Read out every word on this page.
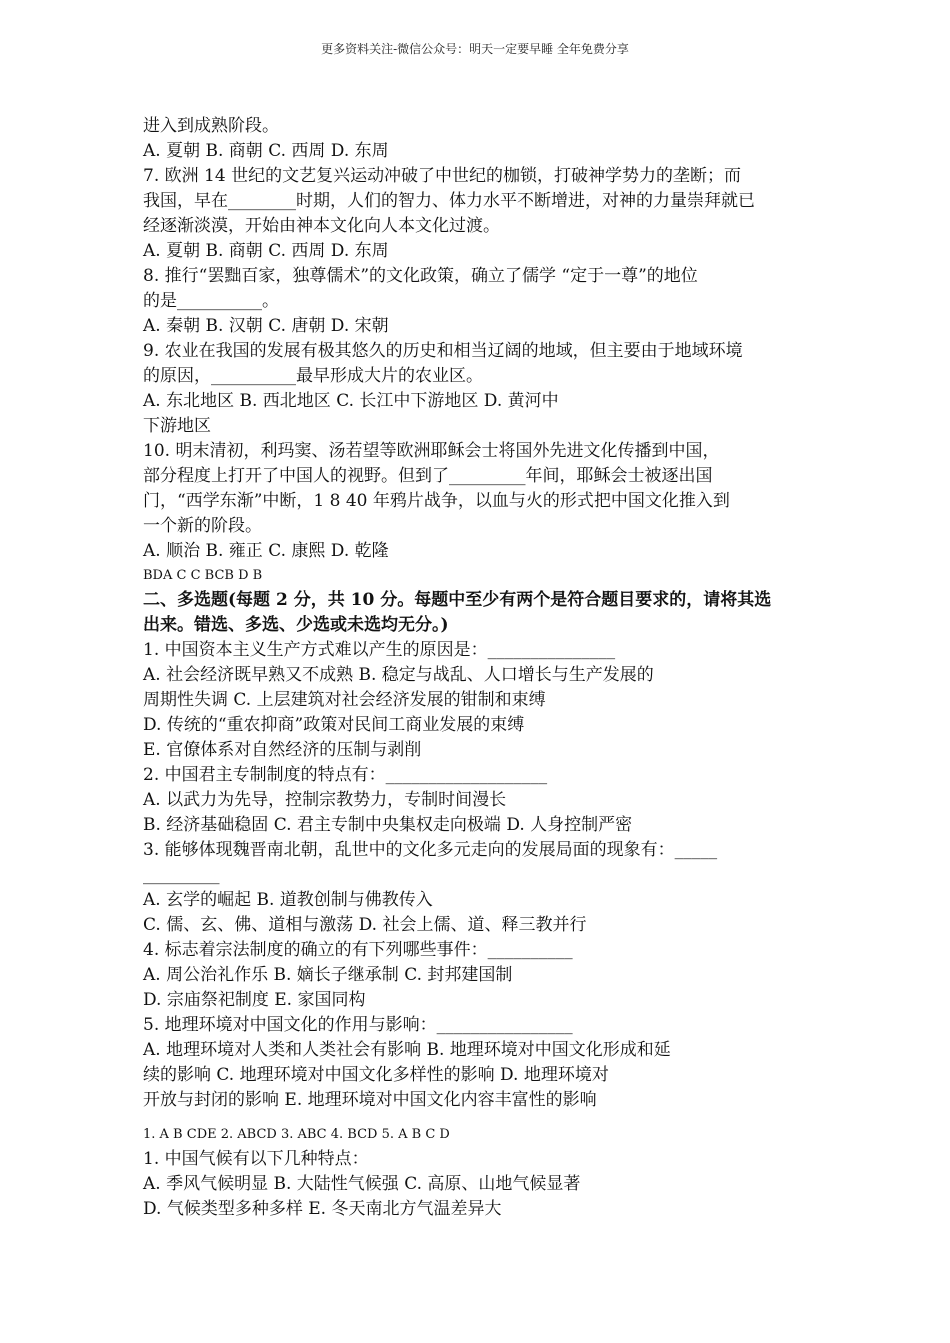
更多资料关注-微信公众号：明天一定要早睡 全年免费分享
进入到成熟阶段。
A. 夏朝 B. 商朝 C. 西周 D. 东周
7. 欧洲 14 世纪的文艺复兴运动冲破了中世纪的枷锁，打破神学势力的垄断；而
我国，早在________时期，人们的智力、体力水平不断增进，对神的力量崇拜就已
经逐渐淡漠，开始由神本文化向人本文化过渡。
A. 夏朝 B. 商朝 C. 西周 D. 东周
8. 推行“罢黜百家，独尊儒术”的文化政策，确立了儒学 “定于一尊”的地位
的是__________。
A. 秦朝 B. 汉朝 C. 唐朝 D. 宋朝
9. 农业在我国的发展有极其悠久的历史和相当辽阔的地域，但主要由于地域环境
的原因，__________最早形成大片的农业区。
A. 东北地区 B. 西北地区 C. 长江中下游地区 D. 黄河中
下游地区
10. 明末清初，利玛窦、汤若望等欧洲耶稣会士将国外先进文化传播到中国，
部分程度上打开了中国人的视野。但到了_________年间，耶稣会士被逐出国
门，“西学东渐”中断，1 8 40 年鸦片战争，以血与火的形式把中国文化推入到
一个新的阶段。
A. 顺治 B. 雍正 C. 康熙 D. 乾隆
BDA C C BCB D B
二、多选题(每题 2 分，共 10 分。每题中至少有两个是符合题目要求的，请将其选
出来。错选、多选、少选或未选均无分。)
1. 中国资本主义生产方式难以产生的原因是：_______________
A. 社会经济既早熟又不成熟 B. 稳定与战乱、人口增长与生产发展的
周期性失调 C. 上层建筑对社会经济发展的钳制和束缚
D. 传统的“重农抑商”政策对民间工商业发展的束缚
E. 官僚体系对自然经济的压制与剥削
2. 中国君主专制制度的特点有：___________________
A. 以武力为先导，控制宗教势力，专制时间漫长
B. 经济基础稳固 C. 君主专制中央集权走向极端 D. 人身控制严密
3. 能够体现魏晋南北朝，乱世中的文化多元走向的发展局面的现象有：_____
_________
A. 玄学的崛起 B. 道教创制与佛教传入
C. 儒、玄、佛、道相与激荡 D. 社会上儒、道、释三教并行
4. 标志着宗法制度的确立的有下列哪些事件：__________
A. 周公治礼作乐 B. 嫡长子继承制 C. 封邦建国制
D. 宗庙祭祀制度 E. 家国同构
5. 地理环境对中国文化的作用与影响：________________
A. 地理环境对人类和人类社会有影响 B. 地理环境对中国文化形成和延
续的影响 C. 地理环境对中国文化多样性的影响 D. 地理环境对
开放与封闭的影响 E. 地理环境对中国文化内容丰富性的影响
1. A B CDE 2. ABCD 3. ABC 4. BCD 5. A B C D
1. 中国气候有以下几种特点：
A. 季风气候明显 B. 大陆性气候强 C. 高原、山地气候显著
D. 气候类型多种多样 E. 冬天南北方气温差异大
